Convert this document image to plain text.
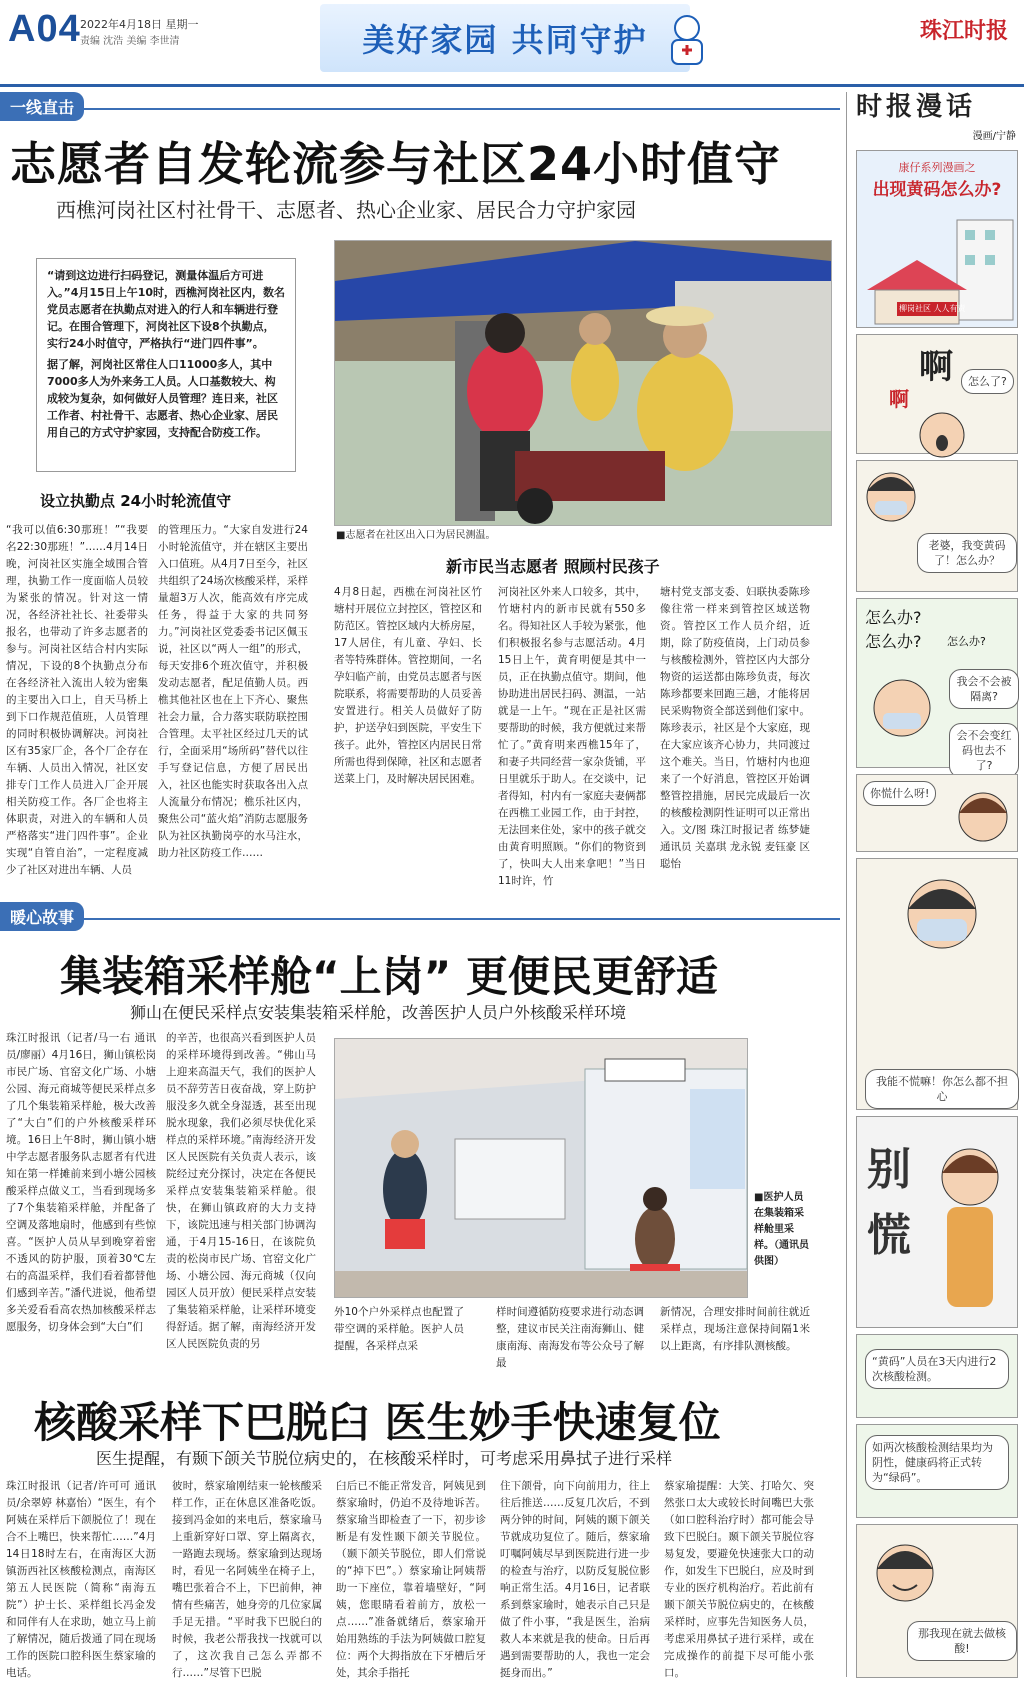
A04 2022年4月18日 星期一
责编 沈浩 美编 李世清	美好家园 共同守护	珠江时报
一线直击
志愿者自发轮流参与社区24小时值守
西樵河岗社区村社骨干、志愿者、热心企业家、居民合力守护家园
“请到这边进行扫码登记，测量体温后方可进入。”4月15日上午10时，西樵河岗社区内，数名党员志愿者在执勤点对进入的行人和车辆进行登记。在围合管理下，河岗社区下设8个执勤点，实行24小时值守，严格执行“进门四件事”。
据了解，河岗社区常住人口11000多人，其中7000多人为外来务工人员。人口基数较大、构成较为复杂，如何做好人员管理？连日来，社区工作者、村社骨干、志愿者、热心企业家、居民用自己的方式守护家园，支持配合防疫工作。
设立执勤点 24小时轮流值守
“我可以值6:30那班！”“我要名22:30那班！”……4月14日晚，河岗社区实施全域围合管理，执勤工作一度面临人员较为紧张的情况。针对这一情况，各经济社社长、社委带头报名，也带动了许多志愿者的参与。河岗社区结合村内实际情况，下设的8个执勤点分布在各经济社入流出人较为密集的主要出入口上，自天马桥上到下口作规范值班，人员管理的同时积极协调解决。河岗社区有35家厂企，各个厂企存在车辆、人员出入情况，社区安排专门工作人员进入厂企开展相关防疫工作。各厂企也将主体职责，对进入的车辆和人员严格落实“进门四件事”。企业实现“自管自治”，一定程度减少了社区对进出车辆、人员
的管理压力。“大家自发进行24小时轮流值守，并在辖区主要出入口值班。从4月7日至今，社区共组织了24场次核酸采样，采样量超3万人次，能高效有序完成任务，得益于大家的共同努力。”河岗社区党委委书记区佩玉说，社区以“两人一组”的形式，每天安排6个班次值守，并积极发动志愿者，配足值勤人员。西樵其他社区也在上下齐心、聚焦社会力量，合力落实联防联控围合管理。太平社区经过几天的试行，全面采用“场所码”替代以往手写登记信息，方便了居民出入，社区也能实时获取各出入点人流量分布情况；樵乐社区内，聚焦公司“蓝火焰”消防志愿服务队为社区执勤岗亭的水马注水，助力社区防疫工作……
■志愿者在社区出入口为居民测温。
新市民当志愿者 照顾村民孩子
4月8日起，西樵在河岗社区竹塘村开展位立封控区，管控区和防范区。管控区域内大桥房屋，17人居住，有儿童、孕妇、长者等特殊群体。管控期间，一名孕妇临产前，由党员志愿者与医院联系，将需要帮助的人员妥善安置进行。相关人员做好了防护，护送孕妇到医院，平安生下孩子。此外，管控区内居民日常所需也得到保障，社区和志愿者送菜上门，及时解决居民困难。
河岗社区外来人口较多，其中，竹塘村内的新市民就有550多名。得知社区人手较为紧张，他们积极报名参与志愿活动。4月15日上午，黄育明便是其中一员，正在执勤点值守。期间，他协助进出居民扫码、测温，一站就是一上午。“现在正是社区需要帮助的时候，我方便就过来帮忙了。”黄育明来西樵15年了，和妻子共同经营一家杂货铺，平日里就乐于助人。在交谈中，记者得知，村内有一家庭夫妻俩都在西樵工业园工作，由于封控，无法回来住处，家中的孩子就交由黄育明照顾。“你们的物资到了，快叫大人出来拿吧！”当日11时许，竹
塘村党支部支委、妇联执委陈珍像往常一样来到管控区域送物资。管控区工作人员介绍，近期，除了防疫值岗，上门动员参与核酸检测外，管控区内大部分物资的运送都由陈珍负责，每次陈珍都要来回跑三趟，才能将居民采购物资全部送到他们家中。陈珍表示，社区是个大家庭，现在大家应该齐心协力，共同渡过这个难关。当日，竹塘村内也迎来了一个好消息，管控区开始调整管控措施，居民完成最后一次的核酸检测阴性证明可以正常出入。文/图 珠江时报记者 练梦婕 通讯员 关嘉琪 龙永锐 麦钰豪 区聪怡
暖心故事
集装箱采样舱“上岗” 更便民更舒适
狮山在便民采样点安装集装箱采样舱，改善医护人员户外核酸采样环境
珠江时报讯（记者/马一右 通讯员/廖丽）4月16日，狮山镇松岗市民广场、官窑文化广场、小塘公园、海元商城等便民采样点多了几个集装箱采样舱，极大改善了“大白”们的户外核酸采样环境。16日上午8时，狮山镇小塘中学志愿者服务队志愿者有代进知在第一样摊前来到小塘公园核酸采样点做义工，当看到现场多了7个集装箱采样舱，并配备了空调及落地扇时，他感到有些惊喜。“医护人员从早到晚穿着密不透风的防护服，顶着30℃左右的高温采样，我们看着都替他们感到辛苦。”潘代进说，他希望多关爱看看高农热加核酸采样志愿服务，切身体会到“大白”们
的辛苦，也很高兴看到医护人员的采样环境得到改善。“佛山马上迎来高温天气，我们的医护人员不辞劳苦日夜奋战，穿上防护服没多久就全身湿透，甚至出现脱水现象，我们必须尽快优化采样点的采样环境。”南海经济开发区人民医院有关负责人表示，该院经过充分探讨，决定在各便民采样点安装集装箱采样舱。很快，在狮山镇政府的大力支持下，该院迅速与相关部门协调沟通，于4月15-16日，在该院负责的松岗市民广场、官窑文化广场、小塘公园、海元商城（仅向园区人员开放）便民采样点安装了集装箱采样舱，让采样环境变得舒适。据了解，南海经济开发区人民医院负责的另
■医护人员在集装箱采样舱里采样。（通讯员供图）
外10个户外采样点也配置了带空调的采样舱。医护人员提醒，各采样点采
样时间遵循防疫要求进行动态调整，建议市民关注南海狮山、健康南海、南海发布等公众号了解最
新情况，合理安排时间前往就近采样点，现场注意保持间隔1米以上距离，有序排队测核酸。
核酸采样下巴脱臼 医生妙手快速复位
医生提醒，有颞下颌关节脱位病史的，在核酸采样时，可考虑采用鼻拭子进行采样
珠江时报讯（记者/许可可 通讯员/余翠婷 林嘉怡）“医生，有个阿姨在采样后下颌脱位了！现在合不上嘴巴，快来帮忙……”4月14日18时左右，在南海区大沥镇沥西社区核酸检测点，南海区第五人民医院（简称“南海五院”）护士长、采样组长冯金发和同伴有人在求助，她立马上前了解情况，随后拨通了同在现场工作的医院口腔科医生蔡家瑜的电话。
彼时，蔡家瑜刚结束一轮核酸采样工作，正在休息区准备吃饭。接到冯金如的来电后，蔡家瑜马上重新穿好口罩、穿上隔离衣，一路跑去现场。蔡家瑜到达现场时，看见一名阿姨坐在椅子上，嘴巴张着合不上，下巴前伸，神情有些痛苦，她身旁的几位家属手足无措。“平时我下巴脱臼的时候，我老公帮我找一找就可以了，这次我自己怎么弄都不行……”尽管下巴脱
臼后已不能正常发音，阿姨见到蔡家瑜时，仍迫不及待地诉苦。蔡家瑜当即检查了一下，初步诊断是有发性颞下颌关节脱位。（颞下颌关节脱位，即人们常说的“掉下巴”。）蔡家瑜让阿姨帮助一下座位，靠着墙壁好，“阿姨，您眼睛看着前方，放松一点……”准备就绪后，蔡家瑜开始用熟练的手法为阿姨做口腔复位：两个大拇指放在下牙槽后牙处，其余手指托
住下颌骨，向下向前用力，往上往后推送……反复几次后，不到两分钟的时间，阿姨的颞下颌关节就成功复位了。随后，蔡家瑜叮嘱阿姨尽早到医院进行进一步的检查与治疗，以防反复脱位影响正常生活。4月16日，记者联系到蔡家瑜时，她表示自己只是做了件小事，“我是医生，治病救人本来就是我的使命。日后再遇到需要帮助的人，我也一定会挺身而出。”
蔡家瑜提醒：大笑、打哈欠、突然张口太大或较长时间嘴巴大张（如口腔科治疗时）都可能会导致下巴脱臼。颞下颌关节脱位容易复发，要避免快速张大口的动作，如发生下巴脱臼，应及时到专业的医疗机构治疗。若此前有颞下颌关节脱位病史的，在核酸采样时，应事先告知医务人员，考虑采用鼻拭子进行采样，或在完成操作的前提下尽可能小张口。
时报漫话
漫画/宁静
康仔系列漫画之
出现黄码怎么办?
柳岗社区 人人有责
啊
啊
怎么了?
老婆，我变黄码了！怎么办？
怎么办?
怎么办? 怎么办?
我会不会被隔离?
会不会变红码也去不了?
你慌什么呀!
我能不慌嘛！你怎么都不担心
别
慌
“黄码”人员在3天内进行2次核酸检测。
如两次核酸检测结果均为阴性，健康码将正式转为“绿码”。
那我现在就去做核酸!
